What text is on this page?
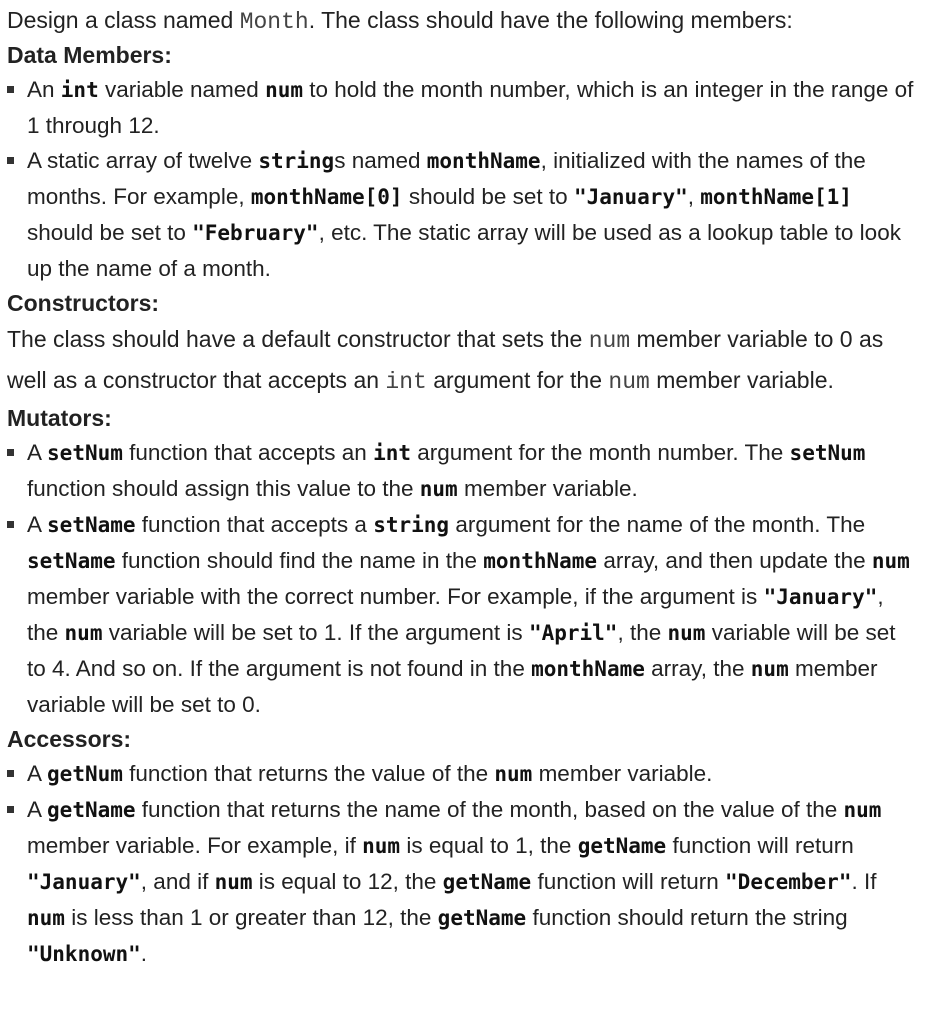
Design a class named Month. The class should have the following members:

Data Members:
An int variable named num to hold the month number, which is an integer in the range of 1 through 12.
A static array of twelve strings named monthName, initialized with the names of the months. For example, monthName[0] should be set to "January", monthName[1] should be set to "February", etc. The static array will be used as a lookup table to look up the name of a month.
Constructors:

The class should have a default constructor that sets the num member variable to 0 as well as a constructor that accepts an int argument for the num member variable.

Mutators:
A setNum function that accepts an int argument for the month number. The setNum function should assign this value to the num member variable.
A setName function that accepts a string argument for the name of the month. The setName function should find the name in the monthName array, and then update the num member variable with the correct number. For example, if the argument is "January", the num variable will be set to 1. If the argument is "April", the num variable will be set to 4. And so on. If the argument is not found in the monthName array, the num member variable will be set to 0.
Accessors:
A getNum function that returns the value of the num member variable.
A getName function that returns the name of the month, based on the value of the num member variable. For example, if num is equal to 1, the getName function will return "January", and if num is equal to 12, the getName function will return "December". If num is less than 1 or greater than 12, the getName function should return the string "Unknown".
